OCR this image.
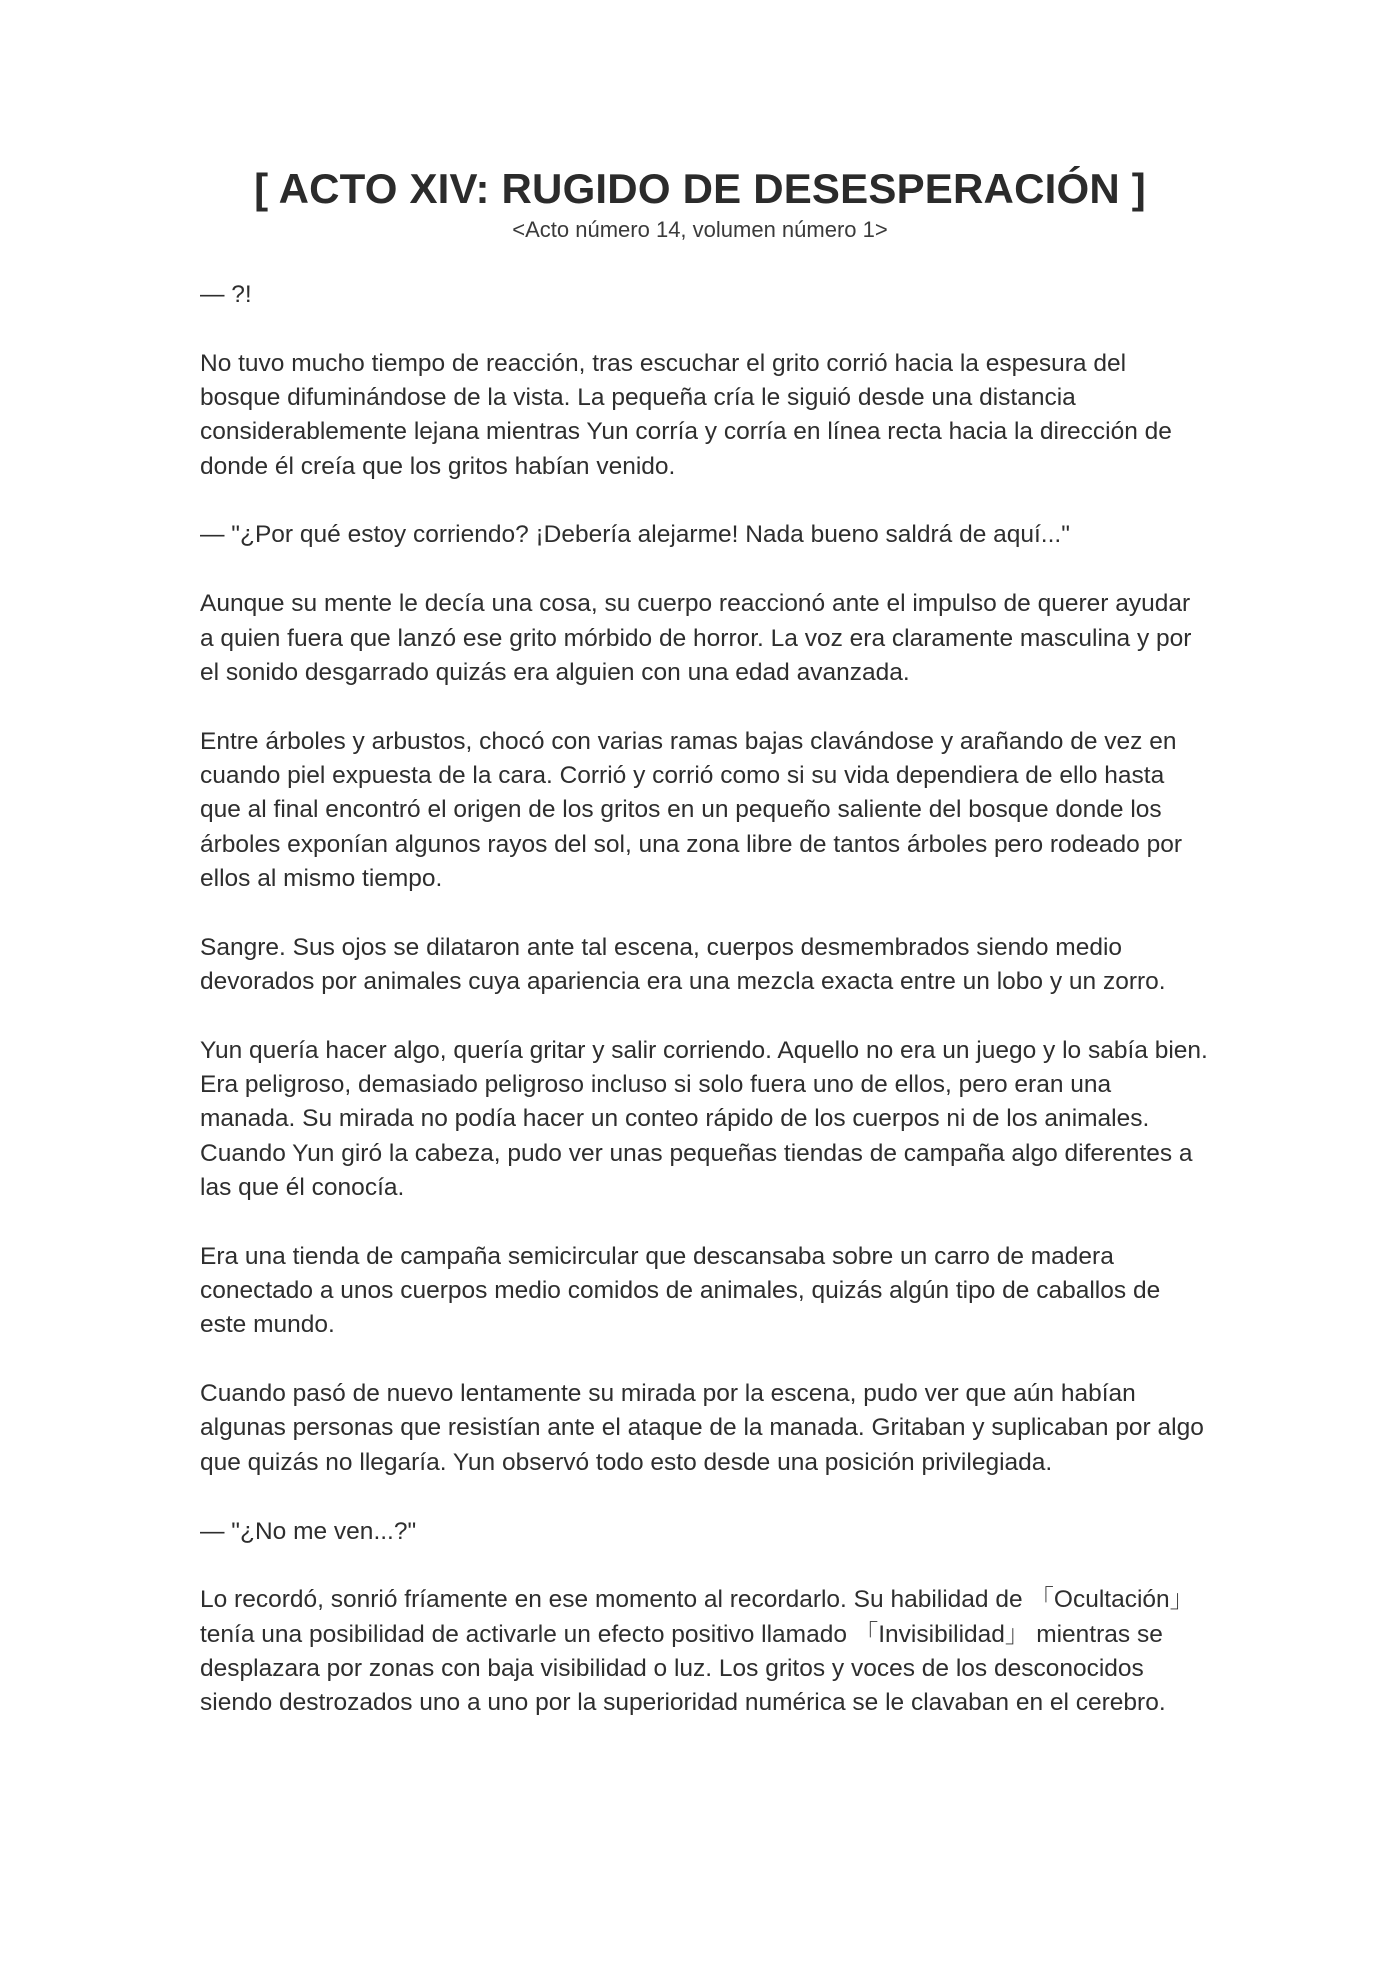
[ ACTO XIV: RUGIDO DE DESESPERACIÓN ]
<Acto número 14, volumen número 1>

— ?!

No tuvo mucho tiempo de reacción, tras escuchar el grito corrió hacia la espesura del bosque difuminándose de la vista. La pequeña cría le siguió desde una distancia considerablemente lejana mientras Yun corría y corría en línea recta hacia la dirección de donde él creía que los gritos habían venido.

— "¿Por qué estoy corriendo? ¡Debería alejarme! Nada bueno saldrá de aquí..."

Aunque su mente le decía una cosa, su cuerpo reaccionó ante el impulso de querer ayudar a quien fuera que lanzó ese grito mórbido de horror. La voz era claramente masculina y por el sonido desgarrado quizás era alguien con una edad avanzada.

Entre árboles y arbustos, chocó con varias ramas bajas clavándose y arañando de vez en cuando piel expuesta de la cara. Corrió y corrió como si su vida dependiera de ello hasta que al final encontró el origen de los gritos en un pequeño saliente del bosque donde los árboles exponían algunos rayos del sol, una zona libre de tantos árboles pero rodeado por ellos al mismo tiempo.

Sangre. Sus ojos se dilataron ante tal escena, cuerpos desmembrados siendo medio devorados por animales cuya apariencia era una mezcla exacta entre un lobo y un zorro.

Yun quería hacer algo, quería gritar y salir corriendo. Aquello no era un juego y lo sabía bien. Era peligroso, demasiado peligroso incluso si solo fuera uno de ellos, pero eran una manada. Su mirada no podía hacer un conteo rápido de los cuerpos ni de los animales. Cuando Yun giró la cabeza, pudo ver unas pequeñas tiendas de campaña algo diferentes a las que él conocía.

Era una tienda de campaña semicircular que descansaba sobre un carro de madera conectado a unos cuerpos medio comidos de animales, quizás algún tipo de caballos de este mundo.

Cuando pasó de nuevo lentamente su mirada por la escena, pudo ver que aún habían algunas personas que resistían ante el ataque de la manada. Gritaban y suplicaban por algo que quizás no llegaría. Yun observó todo esto desde una posición privilegiada.

— "¿No me ven...?"

Lo recordó, sonrió fríamente en ese momento al recordarlo. Su habilidad de 「Ocultación」 tenía una posibilidad de activarle un efecto positivo llamado 「Invisibilidad」 mientras se desplazara por zonas con baja visibilidad o luz. Los gritos y voces de los desconocidos siendo destrozados uno a uno por la superioridad numérica se le clavaban en el cerebro.
